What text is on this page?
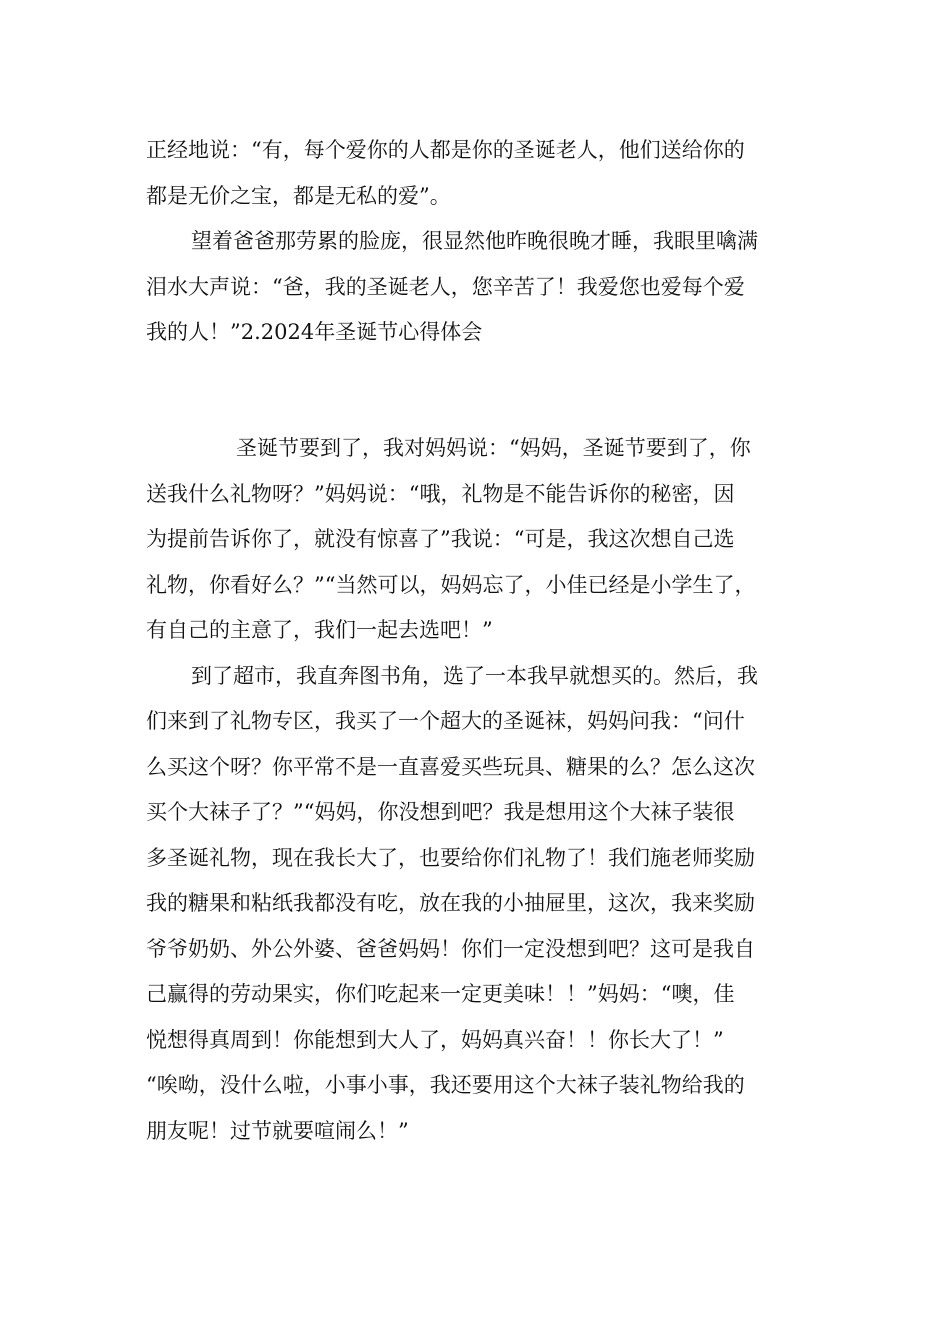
正经地说：“有，每个爱你的人都是你的圣诞老人，他们送给你的
都是无价之宝，都是无私的爱”。
望着爸爸那劳累的脸庞，很显然他昨晚很晚才睡，我眼里噙满
泪水大声说：“爸，我的圣诞老人，您辛苦了！我爱您也爱每个爱
我的人！”2.2024年圣诞节心得体会
圣诞节要到了，我对妈妈说：“妈妈，圣诞节要到了，你
送我什么礼物呀？”妈妈说：“哦，礼物是不能告诉你的秘密，因
为提前告诉你了，就没有惊喜了”我说：“可是，我这次想自己选
礼物，你看好么？”“当然可以，妈妈忘了，小佳已经是小学生了，
有自己的主意了，我们一起去选吧！”
到了超市，我直奔图书角，选了一本我早就想买的。然后，我
们来到了礼物专区，我买了一个超大的圣诞袜，妈妈问我：“问什
么买这个呀？你平常不是一直喜爱买些玩具、糖果的么？怎么这次
买个大袜子了？”“妈妈，你没想到吧？我是想用这个大袜子装很
多圣诞礼物，现在我长大了，也要给你们礼物了！我们施老师奖励
我的糖果和粘纸我都没有吃，放在我的小抽屉里，这次，我来奖励
爷爷奶奶、外公外婆、爸爸妈妈！你们一定没想到吧？这可是我自
己赢得的劳动果实，你们吃起来一定更美味！！”妈妈：“噢，佳
悦想得真周到！你能想到大人了，妈妈真兴奋！！你长大了！”
“唉呦，没什么啦，小事小事，我还要用这个大袜子装礼物给我的
朋友呢！过节就要喧闹么！”
